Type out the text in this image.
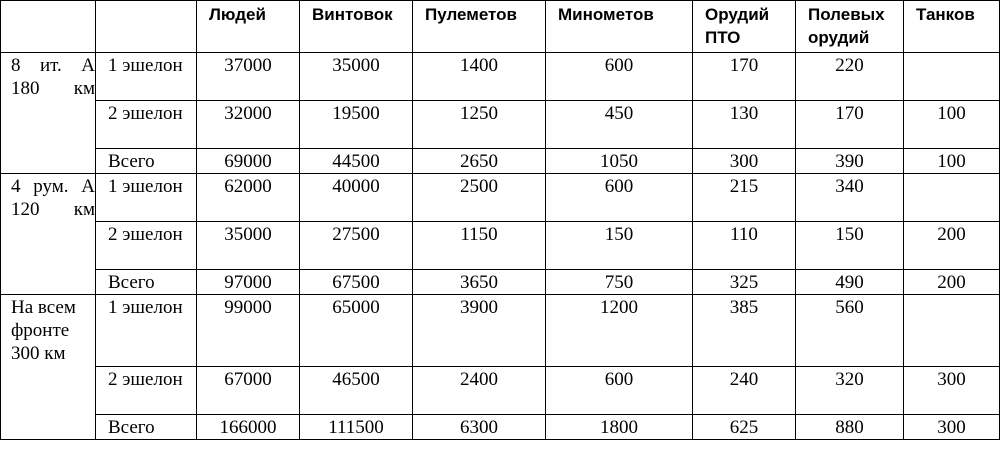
		Людей	Винтовок	Пулеметов	Минометов	Орудий ПТО	Полевых орудий	Танков
8 ит. А 180 км	1 эшелон	37000	35000	1400	600	170	220	
	2 эшелон	32000	19500	1250	450	130	170	100
	Всего	69000	44500	2650	1050	300	390	100
4 рум. А 120 км	1 эшелон	62000	40000	2500	600	215	340	
	2 эшелон	35000	27500	1150	150	110	150	200
	Всего	97000	67500	3650	750	325	490	200
На всем фронте 300 км	1 эшелон	99000	65000	3900	1200	385	560	
	2 эшелон	67000	46500	2400	600	240	320	300
	Всего	166000	111500	6300	1800	625	880	300
